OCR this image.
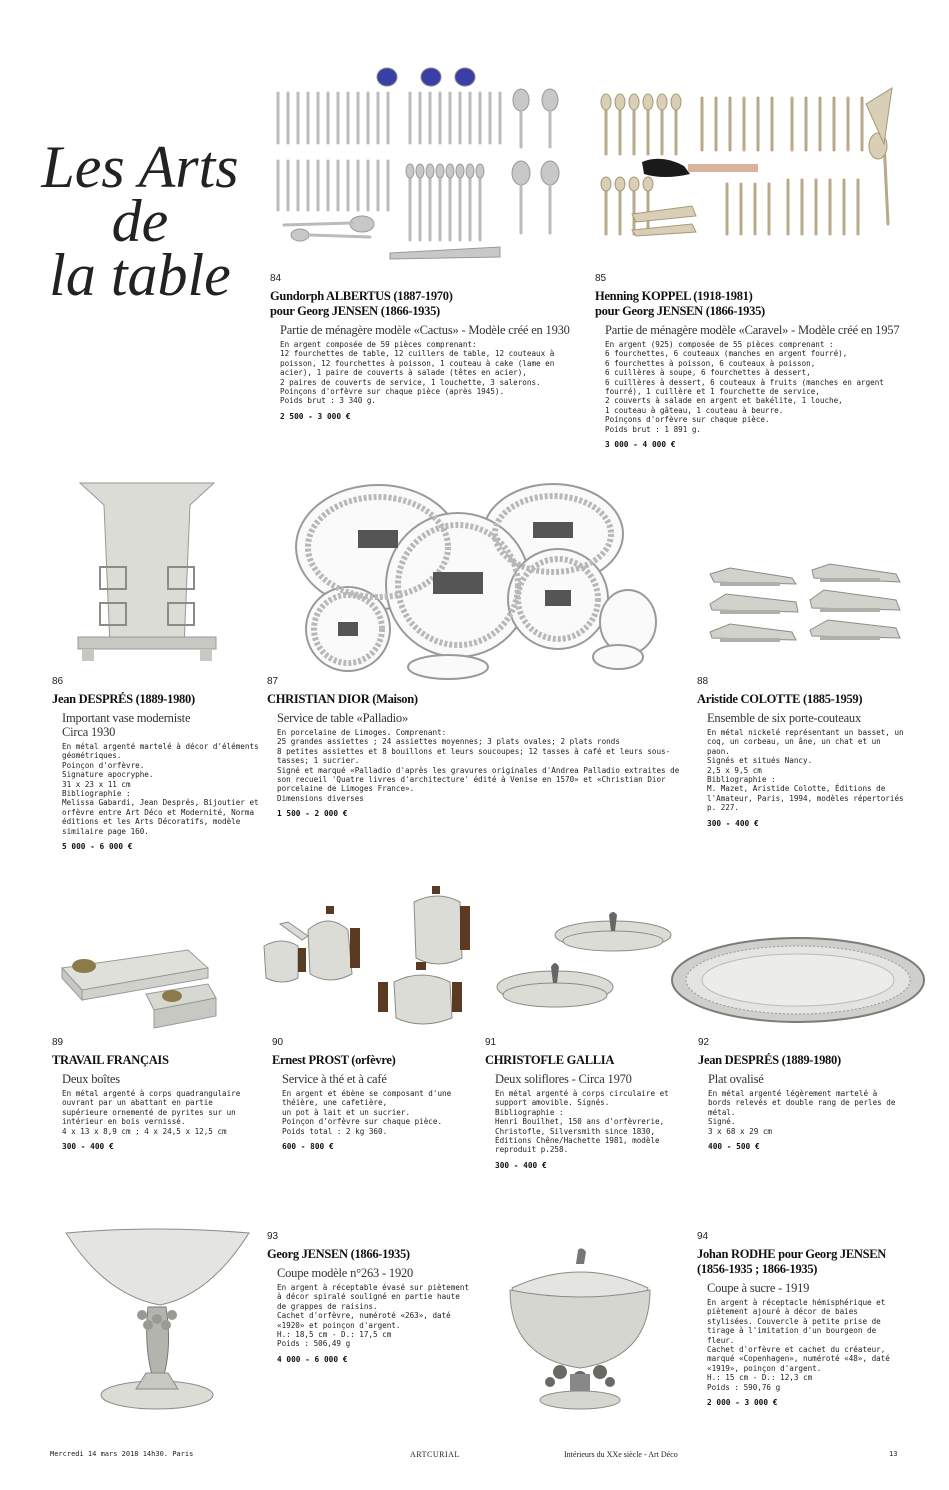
Les Arts
de
la table	84
Gundorph ALBERTUS (1887-1970)
pour Georg JENSEN (1866-1935)
Partie de ménagère modèle «Cactus» - Modèle créé en 1930
En argent composée de 59 pièces comprenant:
12 fourchettes de table, 12 cuillers de table, 12 couteaux à poisson, 12 fourchettes à poisson, 1 couteau à cake (lame en acier), 1 paire de couverts à salade (têtes en acier),
2 paires de couverts de service, 1 louchette, 3 salerons.
Poinçons d'orfèvre sur chaque pièce (après 1945).
Poids brut : 3 340 g.
2 500 - 3 000 €
85
Henning KOPPEL (1918-1981)
pour Georg JENSEN (1866-1935)
Partie de ménagère modèle «Caravel» - Modèle créé en 1957
En argent (925) composée de 55 pièces comprenant :
6 fourchettes, 6 couteaux (manches en argent fourré),
6 fourchettes à poisson, 6 couteaux à poisson,
6 cuillères à soupe, 6 fourchettes à dessert,
6 cuillères à dessert, 6 couteaux à fruits (manches en argent fourré), 1 cuillère et 1 fourchette de service,
2 couverts à salade en argent et bakélite, 1 louche,
1 couteau à gâteau, 1 couteau à beurre.
Poinçons d'orfèvre sur chaque pièce.
Poids brut : 1 891 g.
3 000 - 4 000 €
86
Jean DESPRÉS (1889-1980)
Important vase moderniste
Circa 1930
En métal argenté martelé à décor d'éléments géométriques.
Poinçon d'orfèvre.
Signature apocryphe.
31 x 23 x 11 cm
Bibliographie :
Melissa Gabardi, Jean Després, Bijoutier et orfèvre entre Art Déco et Modernité, Norma éditions et les Arts Décoratifs, modèle similaire page 160.
5 000 - 6 000 €
87
CHRISTIAN DIOR (Maison)
Service de table «Palladio»
En porcelaine de Limoges. Comprenant:
25 grandes assiettes ; 24 assiettes moyennes; 3 plats ovales; 2 plats ronds
8 petites assiettes et 8 bouillons et leurs soucoupes; 12 tasses à café et leurs sous-tasses; 1 sucrier.
Signé et marqué «Palladio d'après les gravures originales d'Andrea Palladio extraites de son recueil 'Quatre livres d'architecture' édité à Venise en 1570» et «Christian Dior porcelaine de Limoges France».
Dimensions diverses
1 500 - 2 000 €
88
Aristide COLOTTE (1885-1959)
Ensemble de six porte-couteaux
En métal nickelé représentant un basset, un coq, un corbeau, un âne, un chat et un paon.
Signés et situés Nancy.
2,5 x 9,5 cm
Bibliographie :
M. Mazet, Aristide Colotte, Éditions de l'Amateur, Paris, 1994, modèles répertoriés p. 227.
300 - 400 €
89
TRAVAIL FRANÇAIS
Deux boîtes
En métal argenté à corps quadrangulaire ouvrant par un abattant en partie supérieure ornementé de pyrites sur un intérieur en bois vernissé.
4 x 13 x 8,9 cm ; 4 x 24,5 x 12,5 cm
300 - 400 €
90
Ernest PROST (orfèvre)
Service à thé et à café
En argent et ébène se composant d'une théière, une cafetière,
un pot à lait et un sucrier.
Poinçon d'orfèvre sur chaque pièce.
Poids total : 2 kg 360.
600 - 800 €
91
CHRISTOFLE GALLIA
Deux soliflores - Circa 1970
En métal argenté à corps circulaire et support amovible. Signés.
Bibliographie :
Henri Bouilhet, 150 ans d'orfèvrerie, Christofle, Silversmith since 1830, Éditions Chêne/Hachette 1981, modèle reproduit p.258.
300 - 400 €
92
Jean DESPRÉS (1889-1980)
Plat ovalisé
En métal argenté légèrement martelé à bords relevés et double rang de perles de métal.
Signé.
3 x 68 x 29 cm
400 - 500 €
93
Georg JENSEN (1866-1935)
Coupe modèle n°263 - 1920
En argent à réceptable évasé sur piètement à décor spiralé souligné en partie haute de grappes de raisins.
Cachet d'orfèvre, numéroté «263», daté «1920» et poinçon d'argent.
H.: 18,5 cm - D.: 17,5 cm
Poids : 506,49 g
4 000 - 6 000 €
94
Johan RODHE pour Georg JENSEN
(1856-1935 ; 1866-1935)
Coupe à sucre - 1919
En argent à réceptacle hémisphérique et piètement ajouré à décor de baies stylisées. Couvercle à petite prise de tirage à l'imitation d'un bourgeon de fleur.
Cachet d'orfèvre et cachet du créateur, marqué «Copenhagen», numéroté «48», daté «1919», poinçon d'argent.
H.: 15 cm - D.: 12,3 cm
Poids : 590,76 g
2 000 - 3 000 €
Mercredi 14 mars 2018 14h30. Paris	ARTCURIAL	Intérieurs du XXe siècle - Art Déco	13
